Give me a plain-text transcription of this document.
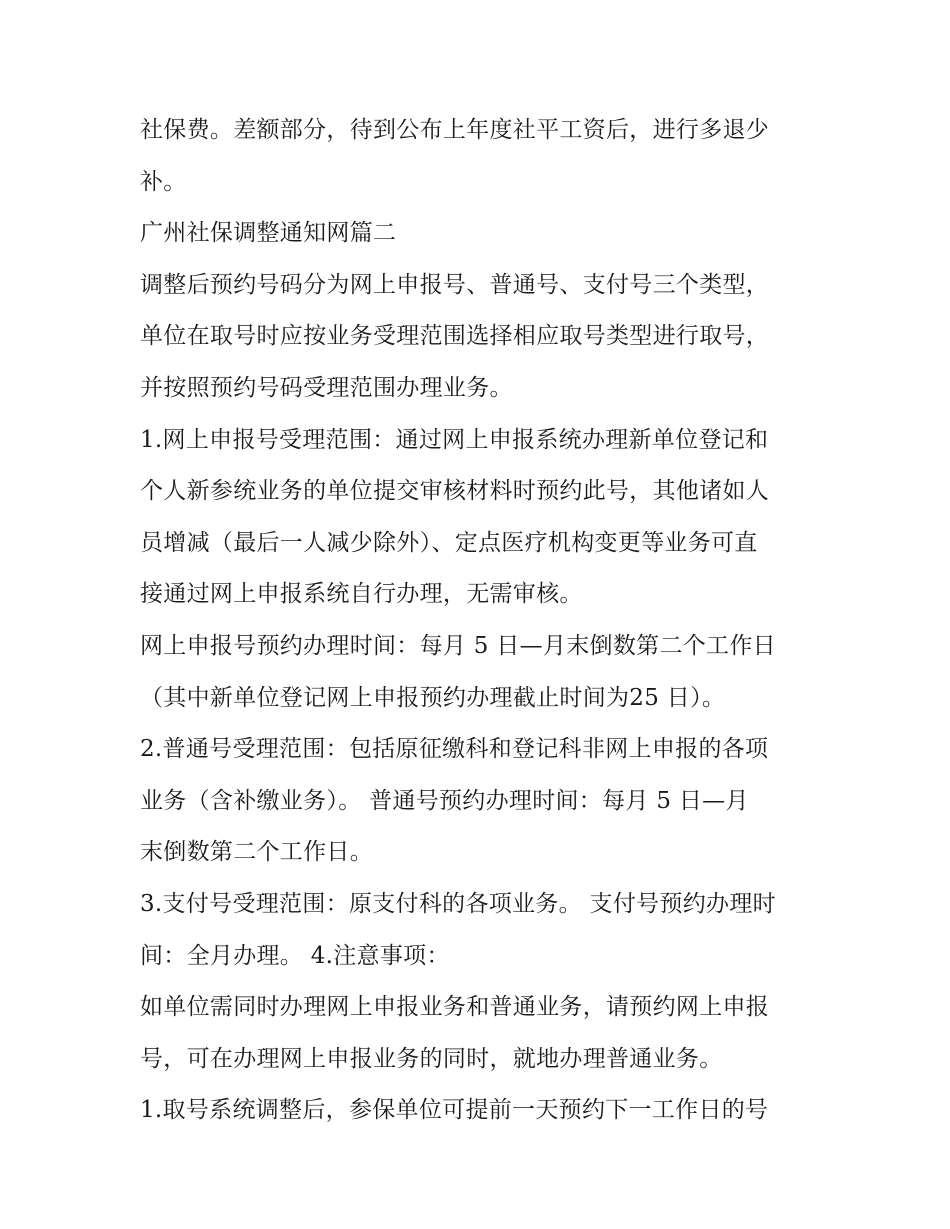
社保费。差额部分，待到公布上年度社平工资后，进行多退少
补。
广州社保调整通知网篇二
调整后预约号码分为网上申报号、普通号、支付号三个类型，
单位在取号时应按业务受理范围选择相应取号类型进行取号，
并按照预约号码受理范围办理业务。
1.网上申报号受理范围：通过网上申报系统办理新单位登记和
个人新参统业务的单位提交审核材料时预约此号，其他诸如人
员增减（最后一人减少除外）、定点医疗机构变更等业务可直
接通过网上申报系统自行办理，无需审核。
网上申报号预约办理时间：每月 5 日—月末倒数第二个工作日
（其中新单位登记网上申报预约办理截止时间为25 日）。
2.普通号受理范围：包括原征缴科和登记科非网上申报的各项
业务（含补缴业务）。 普通号预约办理时间：每月 5 日—月
末倒数第二个工作日。
3.支付号受理范围：原支付科的各项业务。 支付号预约办理时
间：全月办理。 4.注意事项：
如单位需同时办理网上申报业务和普通业务，请预约网上申报
号，可在办理网上申报业务的同时，就地办理普通业务。
1.取号系统调整后，参保单位可提前一天预约下一工作日的号
